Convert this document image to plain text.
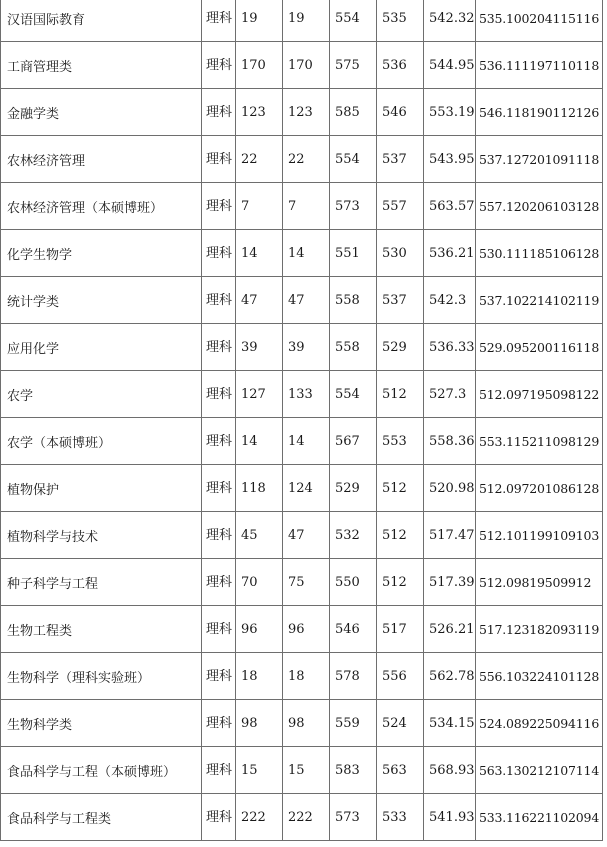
汉语国际教育	理科	19	19	554	535	542.32	535.100204115116
工商管理类	理科	170	170	575	536	544.95	536.111197110118
金融学类	理科	123	123	585	546	553.19	546.118190112126
农林经济管理	理科	22	22	554	537	543.95	537.127201091118
农林经济管理（本硕博班）	理科	7	7	573	557	563.57	557.120206103128
化学生物学	理科	14	14	551	530	536.21	530.111185106128
统计学类	理科	47	47	558	537	542.3	537.102214102119
应用化学	理科	39	39	558	529	536.33	529.095200116118
农学	理科	127	133	554	512	527.3	512.097195098122
农学（本硕博班）	理科	14	14	567	553	558.36	553.115211098129
植物保护	理科	118	124	529	512	520.98	512.097201086128
植物科学与技术	理科	45	47	532	512	517.47	512.101199109103
种子科学与工程	理科	70	75	550	512	517.39	512.09819509912
生物工程类	理科	96	96	546	517	526.21	517.123182093119
生物科学（理科实验班）	理科	18	18	578	556	562.78	556.103224101128
生物科学类	理科	98	98	559	524	534.15	524.089225094116
食品科学与工程（本硕博班）	理科	15	15	583	563	568.93	563.130212107114
食品科学与工程类	理科	222	222	573	533	541.93	533.116221102094
